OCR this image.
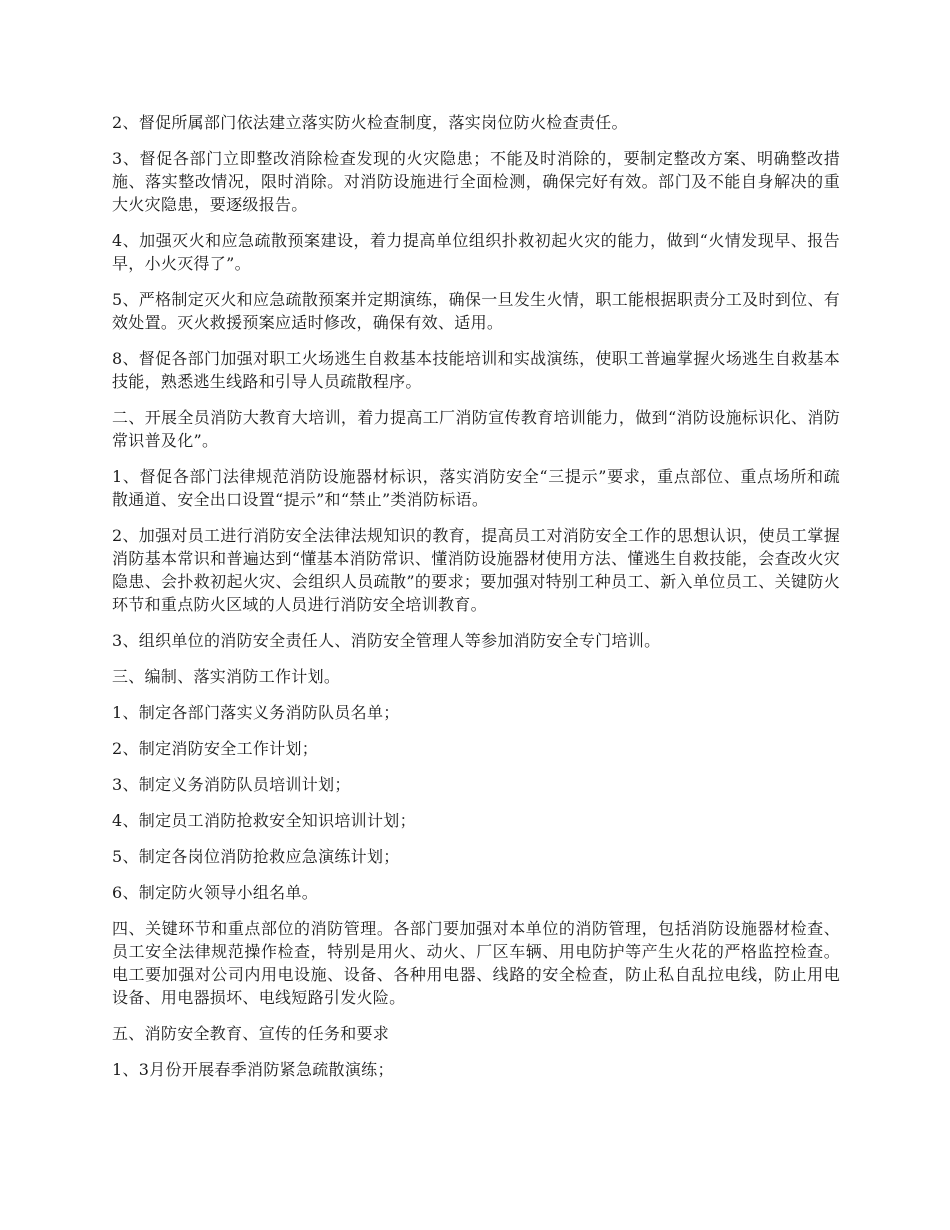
2、督促所属部门依法建立落实防火检查制度，落实岗位防火检查责任。

3、督促各部门立即整改消除检查发现的火灾隐患；不能及时消除的，要制定整改方案、明确整改措施、落实整改情况，限时消除。对消防设施进行全面检测，确保完好有效。部门及不能自身解决的重大火灾隐患，要逐级报告。

4、加强灭火和应急疏散预案建设，着力提高单位组织扑救初起火灾的能力，做到“火情发现早、报告早，小火灭得了”。

5、严格制定灭火和应急疏散预案并定期演练，确保一旦发生火情，职工能根据职责分工及时到位、有效处置。灭火救援预案应适时修改，确保有效、适用。

8、督促各部门加强对职工火场逃生自救基本技能培训和实战演练，使职工普遍掌握火场逃生自救基本技能，熟悉逃生线路和引导人员疏散程序。

二、开展全员消防大教育大培训，着力提高工厂消防宣传教育培训能力，做到“消防设施标识化、消防常识普及化”。

1、督促各部门法律规范消防设施器材标识，落实消防安全“三提示”要求，重点部位、重点场所和疏散通道、安全出口设置“提示”和“禁止”类消防标语。

2、加强对员工进行消防安全法律法规知识的教育，提高员工对消防安全工作的思想认识，使员工掌握消防基本常识和普遍达到“懂基本消防常识、懂消防设施器材使用方法、懂逃生自救技能，会查改火灾隐患、会扑救初起火灾、会组织人员疏散”的要求；要加强对特别工种员工、新入单位员工、关键防火环节和重点防火区域的人员进行消防安全培训教育。

3、组织单位的消防安全责任人、消防安全管理人等参加消防安全专门培训。

三、编制、落实消防工作计划。

1、制定各部门落实义务消防队员名单；

2、制定消防安全工作计划；

3、制定义务消防队员培训计划；

4、制定员工消防抢救安全知识培训计划；

5、制定各岗位消防抢救应急演练计划；

6、制定防火领导小组名单。

四、关键环节和重点部位的消防管理。各部门要加强对本单位的消防管理，包括消防设施器材检查、员工安全法律规范操作检查，特别是用火、动火、厂区车辆、用电防护等产生火花的严格监控检查。电工要加强对公司内用电设施、设备、各种用电器、线路的安全检查，防止私自乱拉电线，防止用电设备、用电器损坏、电线短路引发火险。

五、消防安全教育、宣传的任务和要求

1、3月份开展春季消防紧急疏散演练；
